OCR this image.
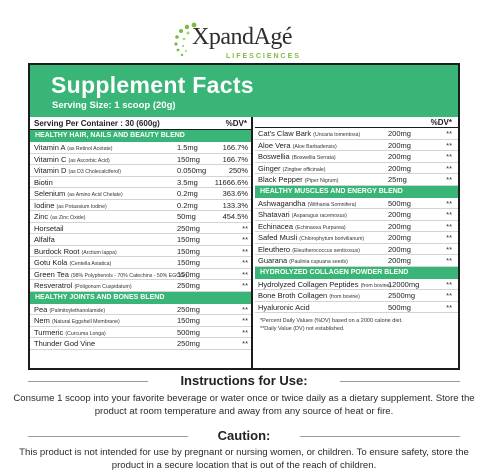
XpandAgé
LIFESCIENCES
Supplement Facts
Serving Size: 1 scoop (20g)
Serving Per Container : 30 (600g)	%DV*
HEALTHY HAIR, NAILS AND BEAUTY BLEND
Vitamin A (as Retinol Acetate)	1.5mg	166.7%
Vitamin C (as Ascorbic Acid)	150mg	166.7%
Vitamin D (as D3 Cholecalciferol)	0.050mg	250%
Biotin	3.5mg 11666.6%
Selenium (as Amino Acid Chelate)	0.2mg	363.6%
Iodine (as Potassium Iodine)	0.2mg	133.3%
Zinc (as Zinc Oxide)	50mg	454.5%
Horsetail	250mg	**
Alfalfa	150mg	**
Burdock Root (Arctium lappa)	150mg	**
Gotu Kola (Centella Asiatica)	150mg	**
Green Tea (98% Polyphenols - 70% Catechins - 50% EGCG )
150mg	**
Resveratrol (Poligonum Cuspidatum)	250mg	**
HEALTHY JOINTS AND BONES BLEND
Pea (Palmitoylethanolamide)	250mg	**
Nem (Natural Eggshell Membrane)	150mg	**
Turmeric (Curcuma Longa)	500mg	**
Thunder God Vine	250mg	**
%DV*
Cat's Claw Bark (Uncaria tomentosa)	200mg	**
Aloe Vera (Aloe Barbadensis)	200mg	**
Boswellia (Boswellia Serrata)	200mg	**
Ginger (Zingber officinale)	200mg	**
Black Pepper (Piper Nigrum)	25mg	**
HEALTHY MUSCLES AND ENERGY BLEND
Ashwagandha (Withania Somnifera)	500mg	**
Shatavari (Asparagus racemosus)	200mg	**
Echinacea (Echinacea Purpurea)	200mg	**
Safed Musli (Chlorophytum borivilianum)	200mg	**
Eleuthero (Eleutherococcus senticosus)	200mg	**
Guarana (Paulinia cupuana seeds)	200mg	**
HYDROLYZED COLLAGEN POWDER BLEND
Hydrolyzed Collagen Peptides (from bovine)
12000mg	**
Bone Broth Collagen (from bovine)	2500mg	**
Hyaluronic Acid	500mg	**
*Percent Daily Values (%DV) based on a 2000 calorie diet.
**Daily Value (DV) not established.
Instructions for Use:
Consume 1 scoop into your favorite beverage or water once or twice daily as a dietary supplement. Store the product at room temperature and away from any source of heat or fire.
Caution:
This product is not intended for use by pregnant or nursing women, or children. To ensure safety, store the product in a secure location that is out of the reach of children.
